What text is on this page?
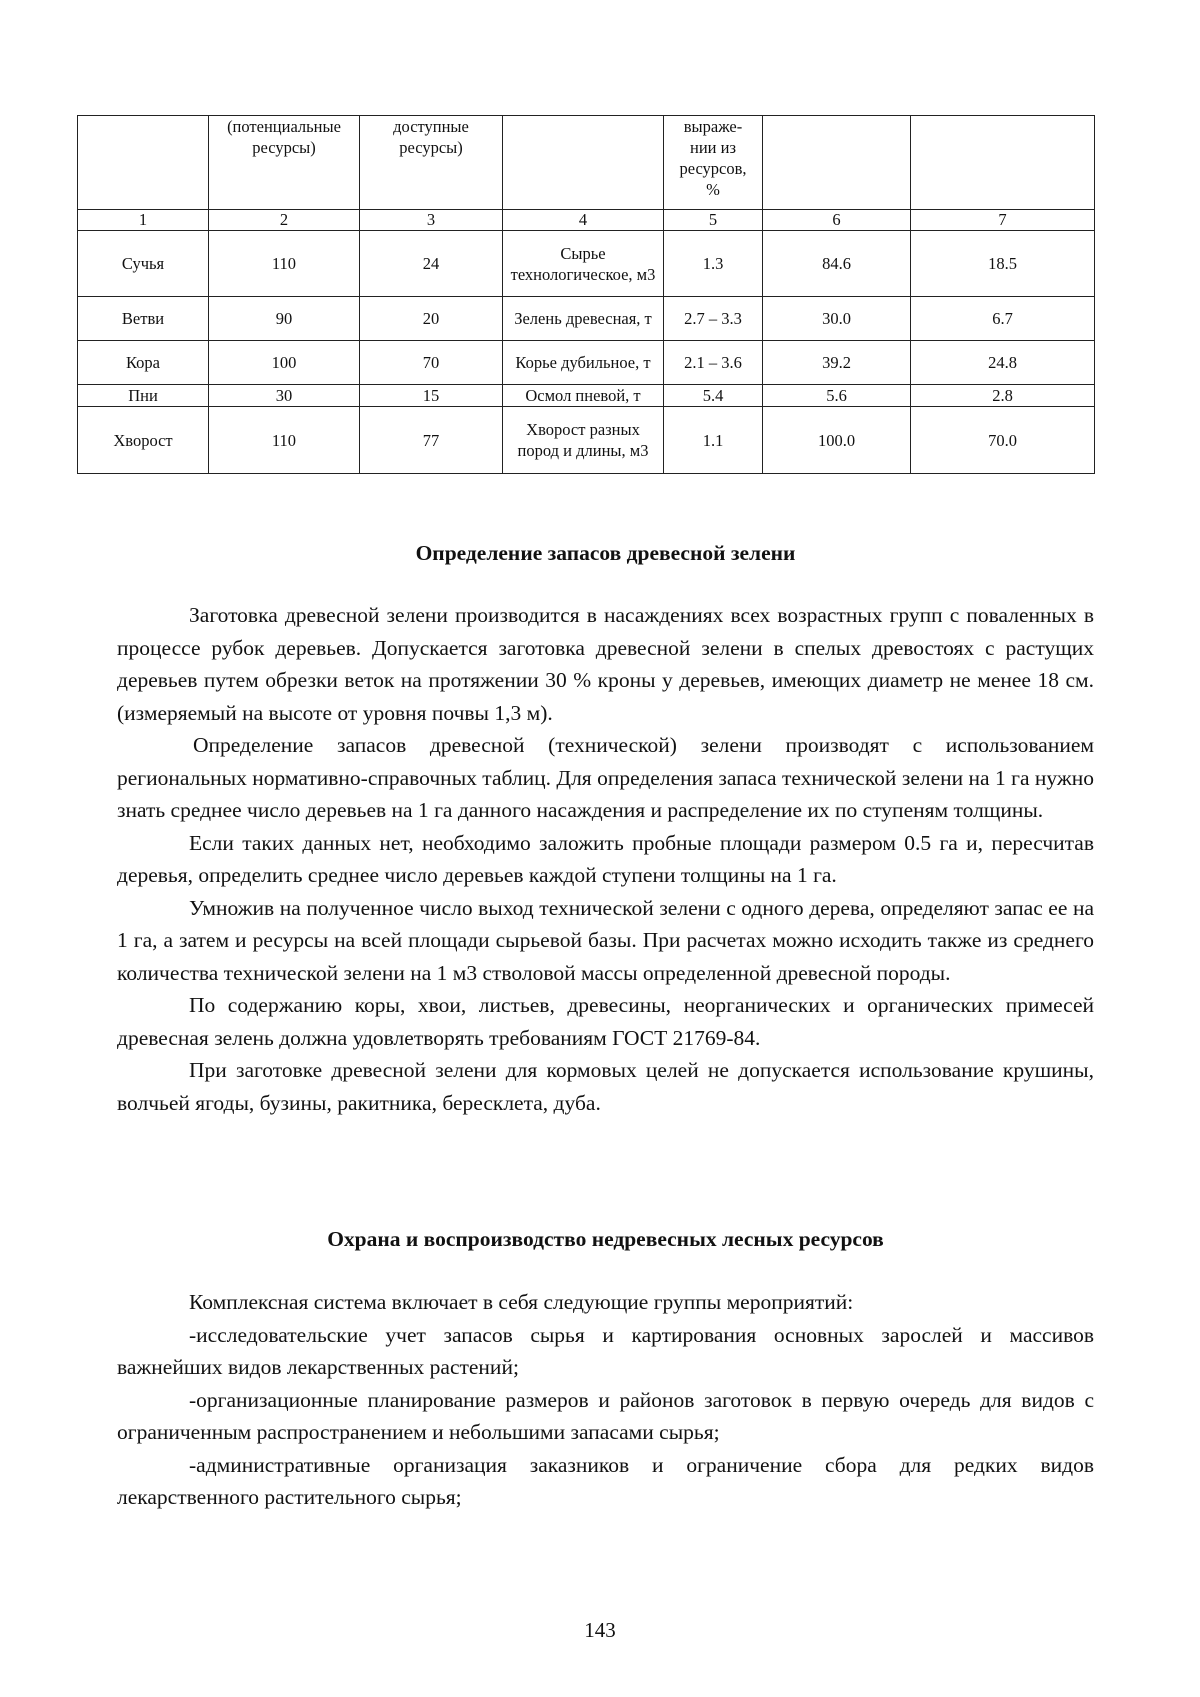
	(потенциальные ресурсы)	доступные ресурсы)		выраже-
нии из
ресурсов,
%		
1	2	3	4	5	6	7
Сучья	110	24	Сырье технологическое, м3	1.3	84.6	18.5
Ветви	90	20	Зелень древесная, т	2.7 – 3.3	30.0	6.7
Кора	100	70	Корье дубильное, т	2.1 – 3.6	39.2	24.8
Пни	30	15	Осмол пневой, т	5.4	5.6	2.8
Хворост	110	77	Хворост разных пород и длины, м3	1.1	100.0	70.0
Определение запасов древесной зелени

Заготовка древесной зелени производится в насаждениях всех возрастных групп с поваленных в процессе рубок деревьев. Допускается заготовка древесной зелени в спелых древостоях с растущих деревьев путем обрезки веток на протяжении 30 % кроны у деревьев, имеющих диаметр не менее 18 см. (измеряемый на высоте от уровня почвы 1,3 м).

Определение запасов древесной (технической) зелени производят с использованием региональных нормативно-справочных таблиц. Для определения запаса технической зелени на 1 га нужно знать среднее число деревьев на 1 га данного насаждения и распределение их по ступеням толщины.

Если таких данных нет, необходимо заложить пробные площади размером 0.5 га и, пересчитав деревья, определить среднее число деревьев каждой ступени толщины на 1 га.

Умножив на полученное число выход технической зелени с одного дерева, определяют запас ее на 1 га, а затем и ресурсы на всей площади сырьевой базы. При расчетах можно исходить также из среднего количества технической зелени на 1 м3 стволовой массы определенной древесной породы.

По содержанию коры, хвои, листьев, древесины, неорганических и органических примесей древесная зелень должна удовлетворять требованиям ГОСТ 21769-84.

При заготовке древесной зелени для кормовых целей не допускается использование крушины, волчьей ягоды, бузины, ракитника, бересклета, дуба.

Охрана и воспроизводство недревесных лесных ресурсов

Комплексная система включает в себя следующие группы мероприятий:

-исследовательские учет запасов сырья и картирования основных зарослей и массивов важнейших видов лекарственных растений;

-организационные планирование размеров и районов заготовок в первую очередь для видов с ограниченным распространением и небольшими запасами сырья;

-административные организация заказников и ограничение сбора для редких видов лекарственного растительного сырья;

143
